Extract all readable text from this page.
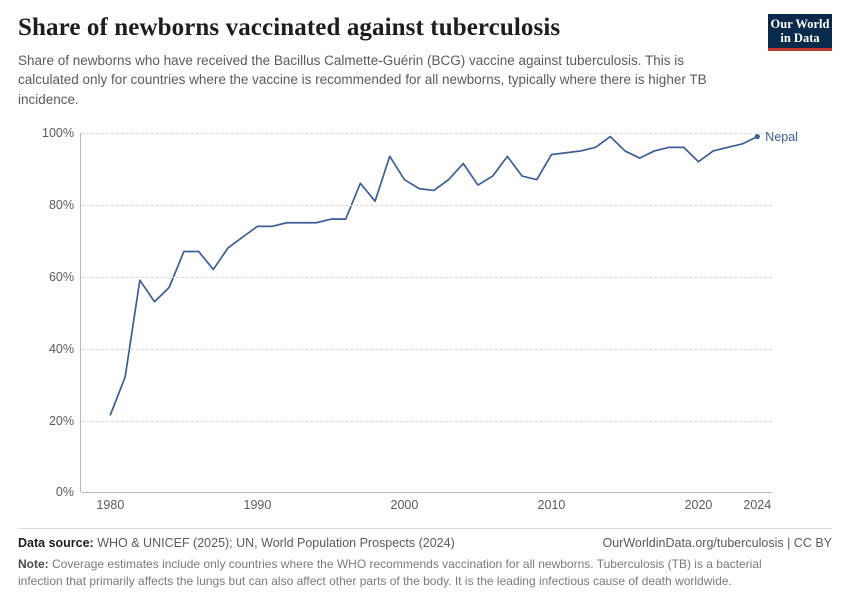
Share of newborns vaccinated against tuberculosis

Share of newborns who have received the Bacillus Calmette-Guérin (BCG) vaccine against tuberculosis. This is calculated only for countries where the vaccine is recommended for all newborns, typically where there is higher TB incidence.

Our World
in Data
0%
20%
40%
60%
80%
100%
1980	1990	2000	2010	2020 2024
Nepal
Data source: WHO & UNICEF (2025); UN, World Population Prospects (2024)	OurWorldinData.org/tuberculosis | CC BY
Note: Coverage estimates include only countries where the WHO recommends vaccination for all newborns. Tuberculosis (TB) is a bacterial infection that primarily affects the lungs but can also affect other parts of the body. It is the leading infectious cause of death worldwide.
